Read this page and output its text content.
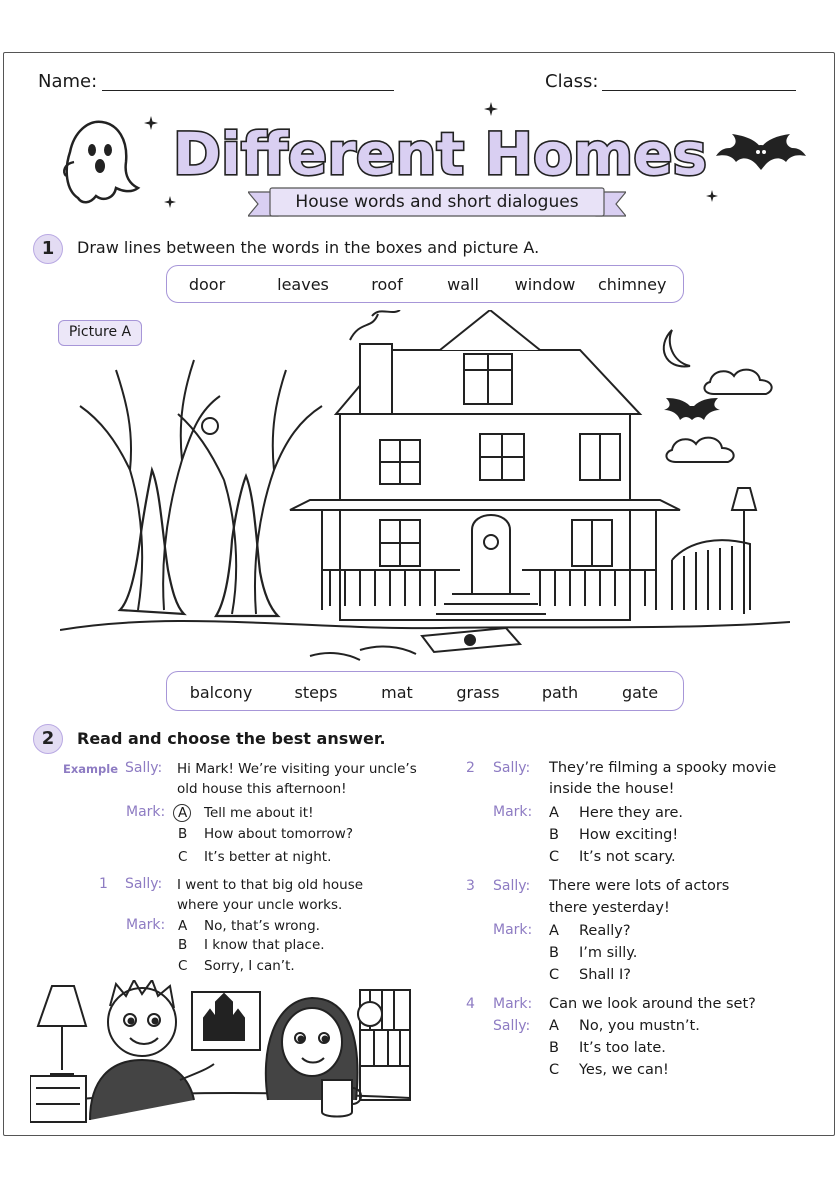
Name:	Class:
Different Homes
House words and short dialogues
1	Draw lines between the words in the boxes and picture A.
door	leaves	roof	wall	window chimney
Picture A
balcony	steps	mat	grass	path	gate
2	Read and choose the best answer.
Example Sally: Hi Mark! We’re visiting your uncle’s
old house this afternoon!
Mark: A Tell me about it!
B How about tomorrow?
C It’s better at night.
1 Sally: I went to that big old house
where your uncle works.
Mark: A No, that’s wrong.
B I know that place.
C Sorry, I can’t.
2 Sally: They’re filming a spooky movie
inside the house!
Mark: A Here they are.
B How exciting!
C It’s not scary.
3 Sally: There were lots of actors
there yesterday!
Mark: A Really?
B I’m silly.
C Shall I?
4 Mark: Can we look around the set?
Sally: A No, you mustn’t.
B It’s too late.
C Yes, we can!
